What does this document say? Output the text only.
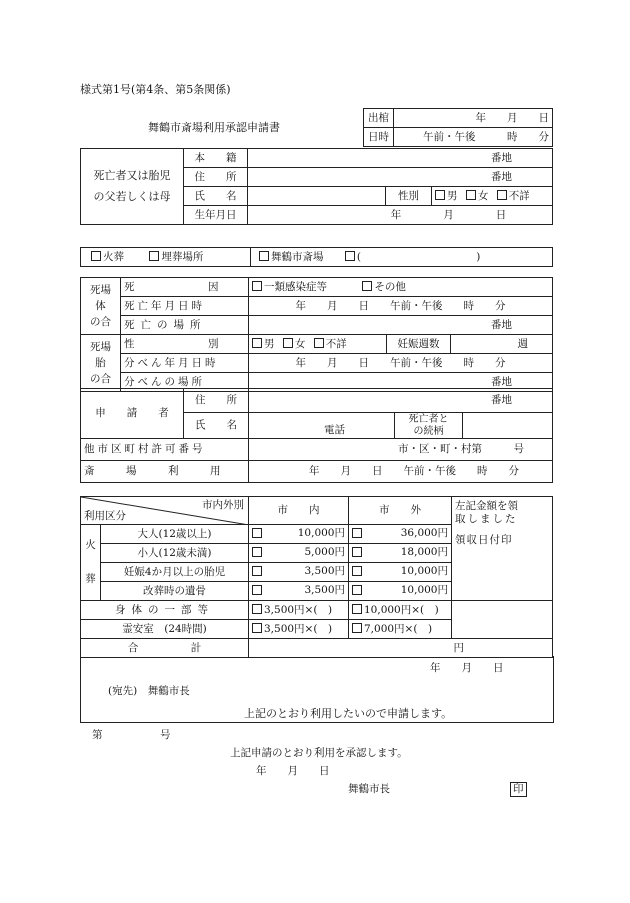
様式第1号(第4条、第5条関係)
舞鶴市斎場利用承認申請書
出棺	年　　月　　日
日時	午前・午後　　　時　　分
死亡者又は胎児
の父若しくは母	本　　籍	番地		
	住　　所	番地		
	氏　　名		性別	男 女 不詳
	生年月日	年　　　　月　　　　日		
火葬	埋葬場所	舞鶴市斎場	(	)
死場
体
の合	死　　　　　　　因	一類感染症等 その他		
	死亡年月日時	年　　月　　日　　午前・午後　　時　　分		
	死亡の場所	番地		
死場
胎
の合	性　　　　　　　別	男 女 不詳	妊娠週数	週
	分べん年月日時	年　　月　　日　　午前・午後　　時　　分		
	分べんの場所	番地		
申　　請　　者	住　　所	番地		
	氏　　名	電話	死亡者と
の続柄	
他市区町村許可番号		市・区・町・村第　　　号		
斎　　　場　　　利　　　用		年　　月　　日　　午前・午後　　時　　分		
市内外別
利用区分		市　　内	市　　外	左記金額を領
取しました
領収日付印
火
葬	大人(12歳以上)	10,000円	36,000円	

	小人(12歳未満)	5,000円	18,000円	

	妊娠4か月以上の胎児	3,500円	10,000円	

	改葬時の遺骨	3,500円	10,000円	

身体の一部等		3,500円×(　)	10,000円×(　)	
霊安室　(24時間)		3,500円×(　)	7,000円×(　)	
合　　　　　計		円		
年　　月　　日
(宛先)　舞鶴市長
上記のとおり利用したいので申請します。
第	号
上記申請のとおり利用を承認します。
年　　月　　日
舞鶴市長	印
